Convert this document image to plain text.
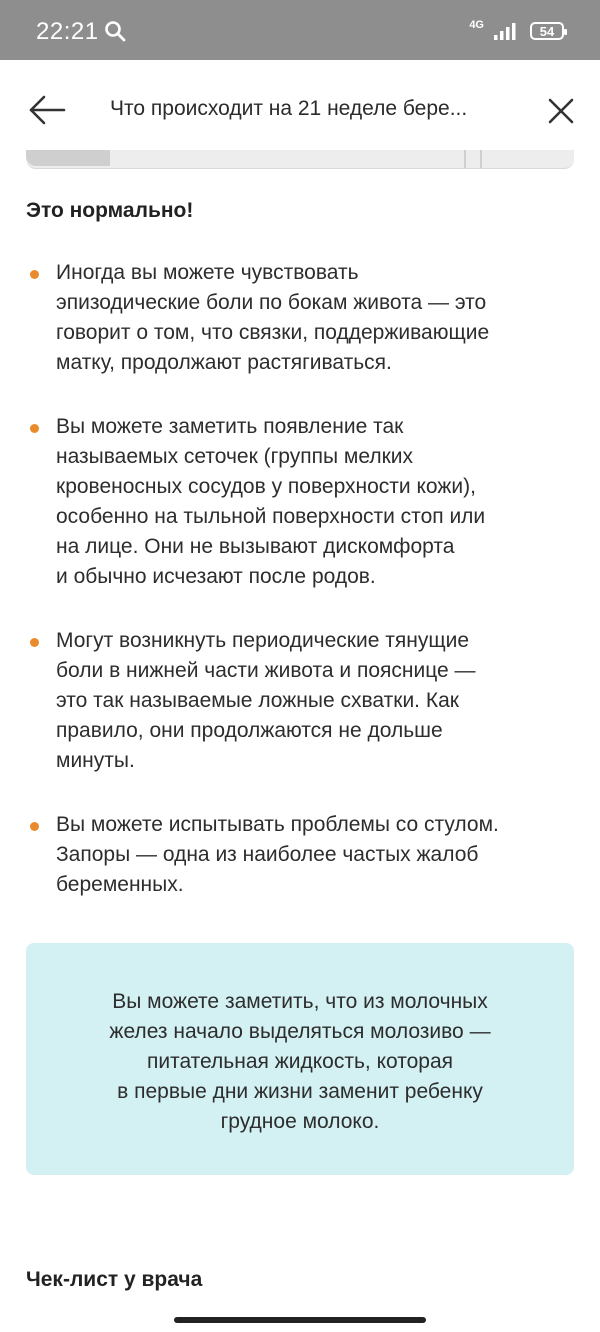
22:21	4G	54
Что происходит на 21 неделе бере...
Это нормально!
Иногда вы можете чувствовать
эпизодические боли по бокам живота — это
говорит о том, что связки, поддерживающие
матку, продолжают растягиваться.
Вы можете заметить появление так
называемых сеточек (группы мелких
кровеносных сосудов у поверхности кожи),
особенно на тыльной поверхности стоп или
на лице. Они не вызывают дискомфорта
и обычно исчезают после родов.
Могут возникнуть периодические тянущие
боли в нижней части живота и пояснице —
это так называемые ложные схватки. Как
правило, они продолжаются не дольше
минуты.
Вы можете испытывать проблемы со стулом.
Запоры — одна из наиболее частых жалоб
беременных.
Вы можете заметить, что из молочных
желез начало выделяться молозиво —
питательная жидкость, которая
в первые дни жизни заменит ребенку
грудное молоко.
Чек-лист у врача
